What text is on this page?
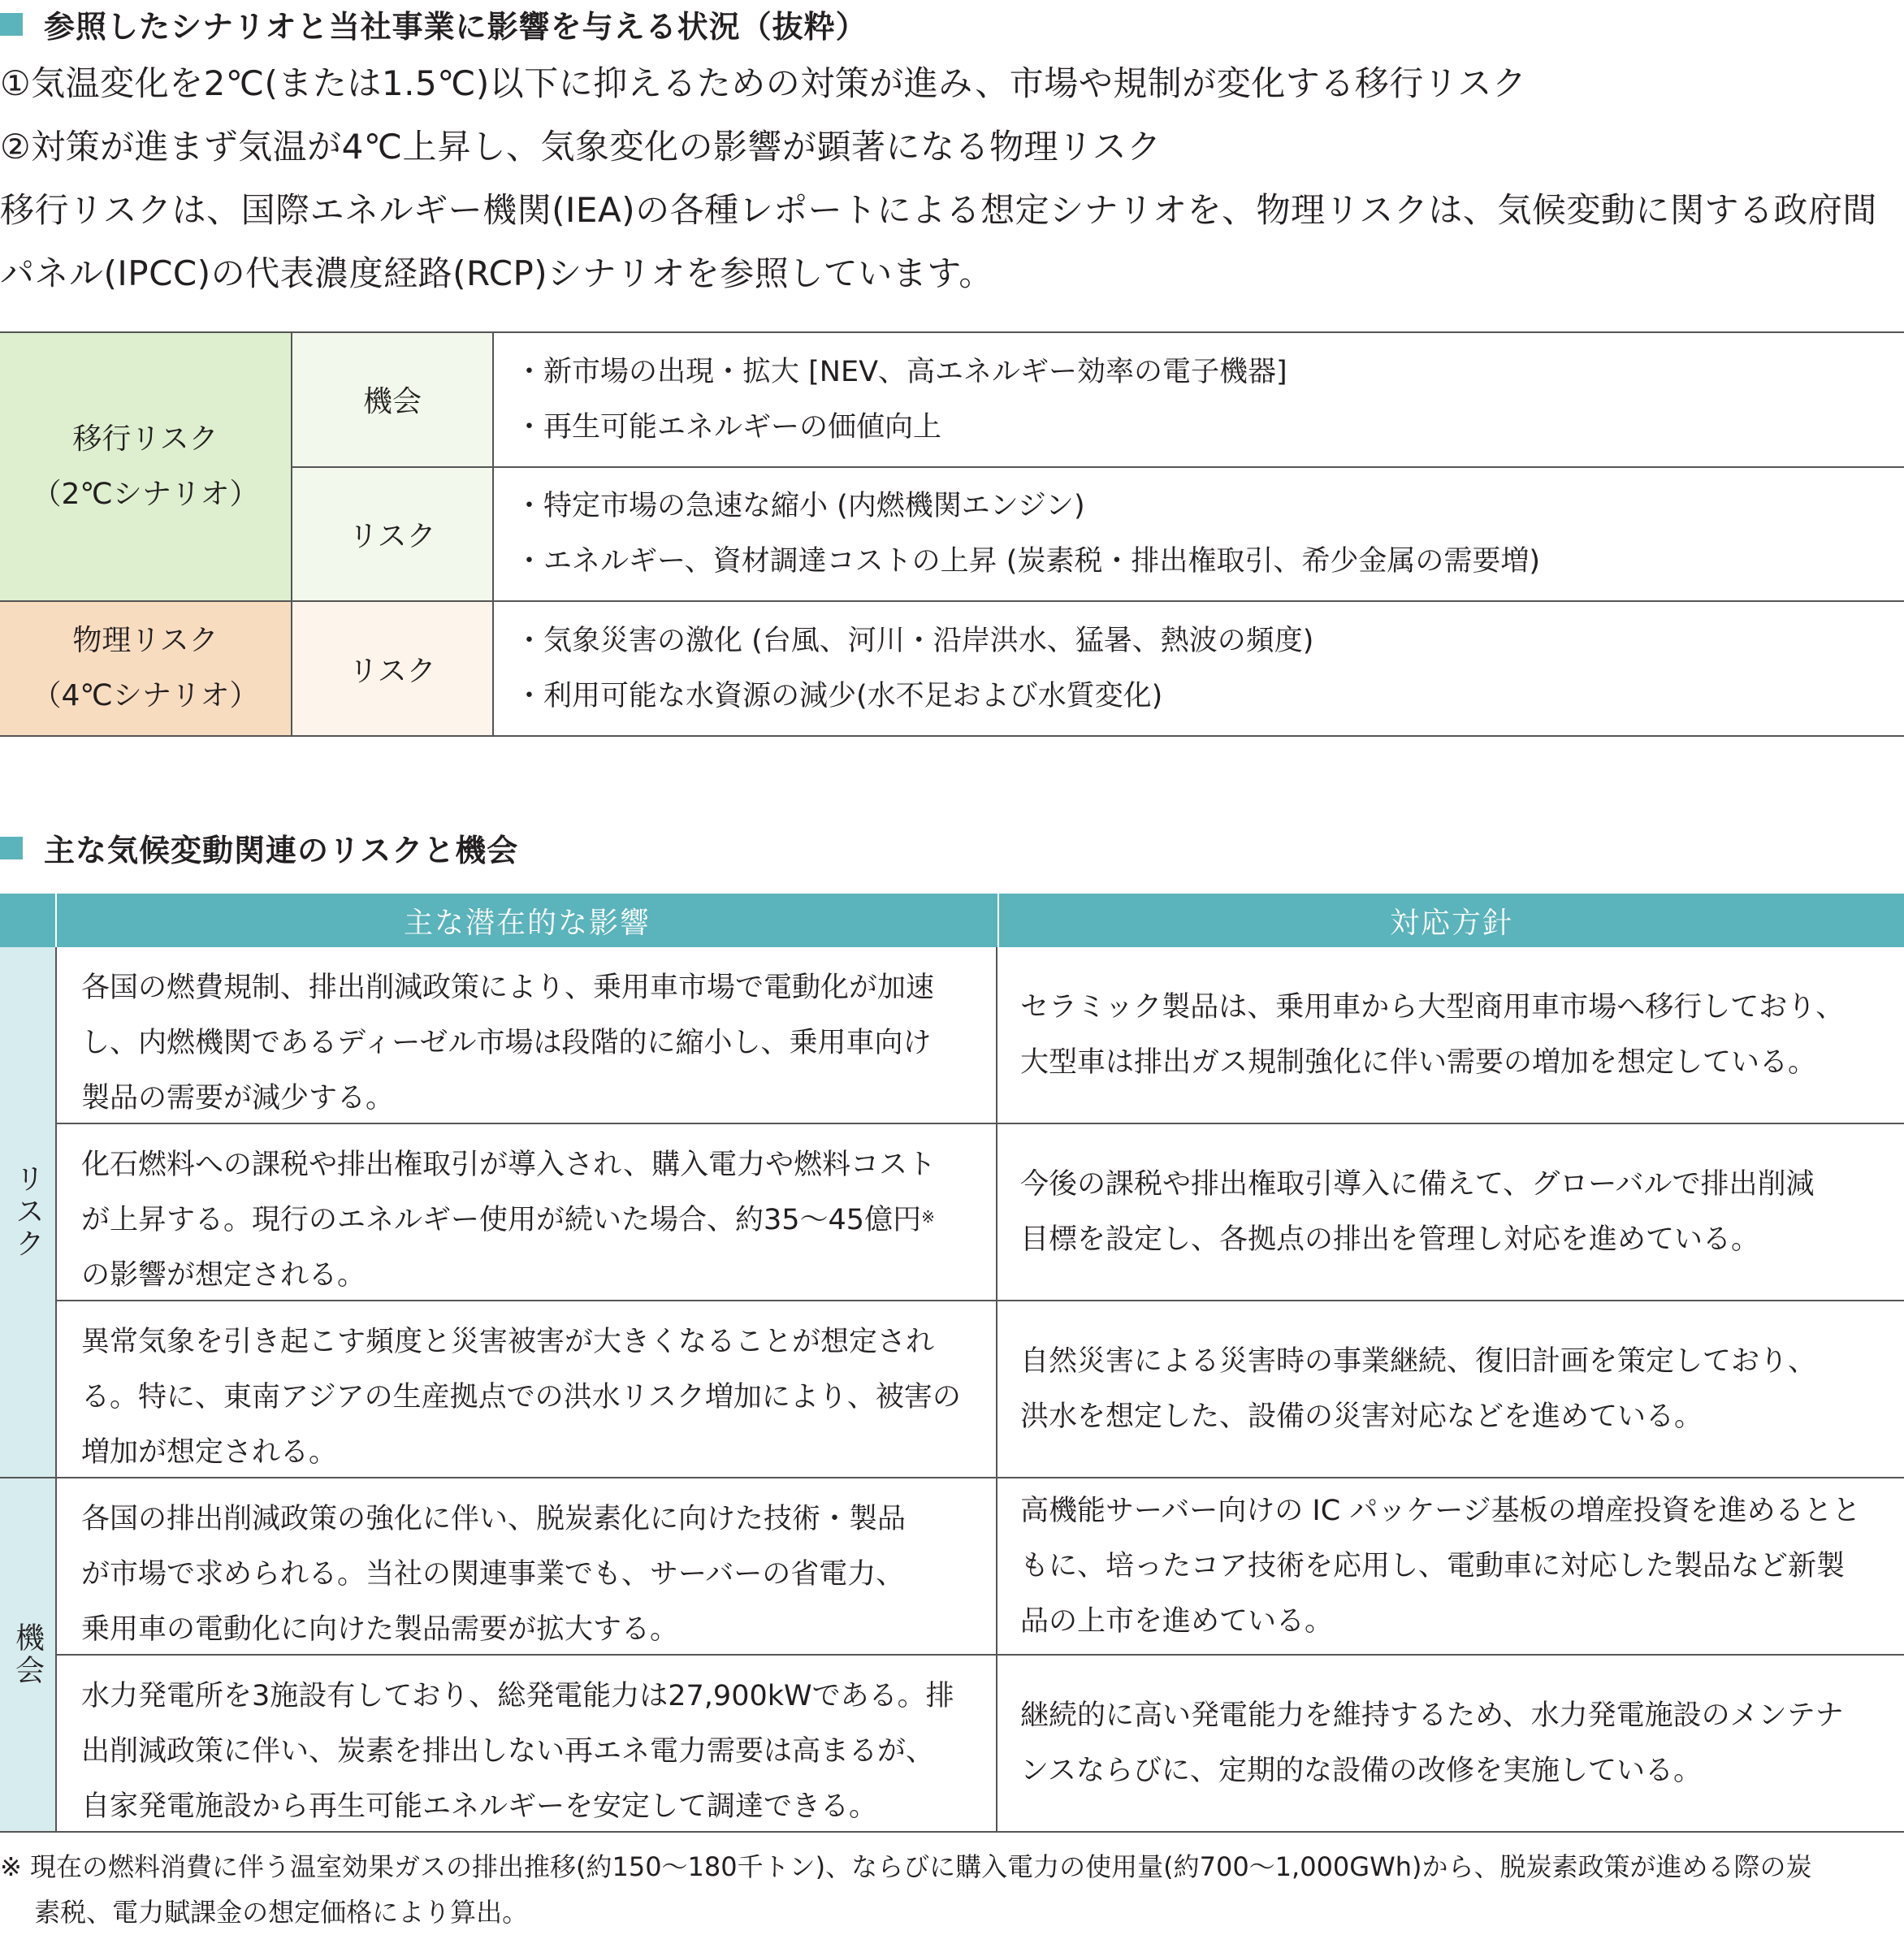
参照したシナリオと当社事業に影響を与える状況（抜粋）
①気温変化を2℃(または1.5℃)以下に抑えるための対策が進み、市場や規制が変化する移行リスク
②対策が進まず気温が4℃上昇し、気象変化の影響が顕著になる物理リスク
移行リスクは、国際エネルギー機関(IEA)の各種レポートによる想定シナリオを、物理リスクは、気候変動に関する政府間
パネル(IPCC)の代表濃度経路(RCP)シナリオを参照しています。
移行リスク
（2℃シナリオ）
機会
・新市場の出現・拡大 [NEV、高エネルギー効率の電子機器]
・再生可能エネルギーの価値向上
リスク
・特定市場の急速な縮小 (内燃機関エンジン)
・エネルギー、資材調達コストの上昇 (炭素税・排出権取引、希少金属の需要増)
物理リスク
（4℃シナリオ）
リスク
・気象災害の激化 (台風、河川・沿岸洪水、猛暑、熱波の頻度)
・利用可能な水資源の減少(水不足および水質変化)
主な気候変動関連のリスクと機会
主な潜在的な影響	対応方針
リスク
各国の燃費規制、排出削減政策により、乗用車市場で電動化が加速
し、内燃機関であるディーゼル市場は段階的に縮小し、乗用車向け
製品の需要が減少する。
セラミック製品は、乗用車から大型商用車市場へ移行しており、
大型車は排出ガス規制強化に伴い需要の増加を想定している。
化石燃料への課税や排出権取引が導入され、購入電力や燃料コスト
が上昇する。現行のエネルギー使用が続いた場合、約35〜45億円※
の影響が想定される。
今後の課税や排出権取引導入に備えて、グローバルで排出削減
目標を設定し、各拠点の排出を管理し対応を進めている。
異常気象を引き起こす頻度と災害被害が大きくなることが想定され
る。特に、東南アジアの生産拠点での洪水リスク増加により、被害の
増加が想定される。
自然災害による災害時の事業継続、復旧計画を策定しており、
洪水を想定した、設備の災害対応などを進めている。
機会
各国の排出削減政策の強化に伴い、脱炭素化に向けた技術・製品
が市場で求められる。当社の関連事業でも、サーバーの省電力、
乗用車の電動化に向けた製品需要が拡大する。
高機能サーバー向けの IC パッケージ基板の増産投資を進めるとと
もに、培ったコア技術を応用し、電動車に対応した製品など新製
品の上市を進めている。
水力発電所を3施設有しており、総発電能力は27,900kWである。排
出削減政策に伴い、炭素を排出しない再エネ電力需要は高まるが、
自家発電施設から再生可能エネルギーを安定して調達できる。
継続的に高い発電能力を維持するため、水力発電施設のメンテナ
ンスならびに、定期的な設備の改修を実施している。
※ 現在の燃料消費に伴う温室効果ガスの排出推移(約150〜180千トン)、ならびに購入電力の使用量(約700〜1,000GWh)から、脱炭素政策が進める際の炭
　 素税、電力賦課金の想定価格により算出。
